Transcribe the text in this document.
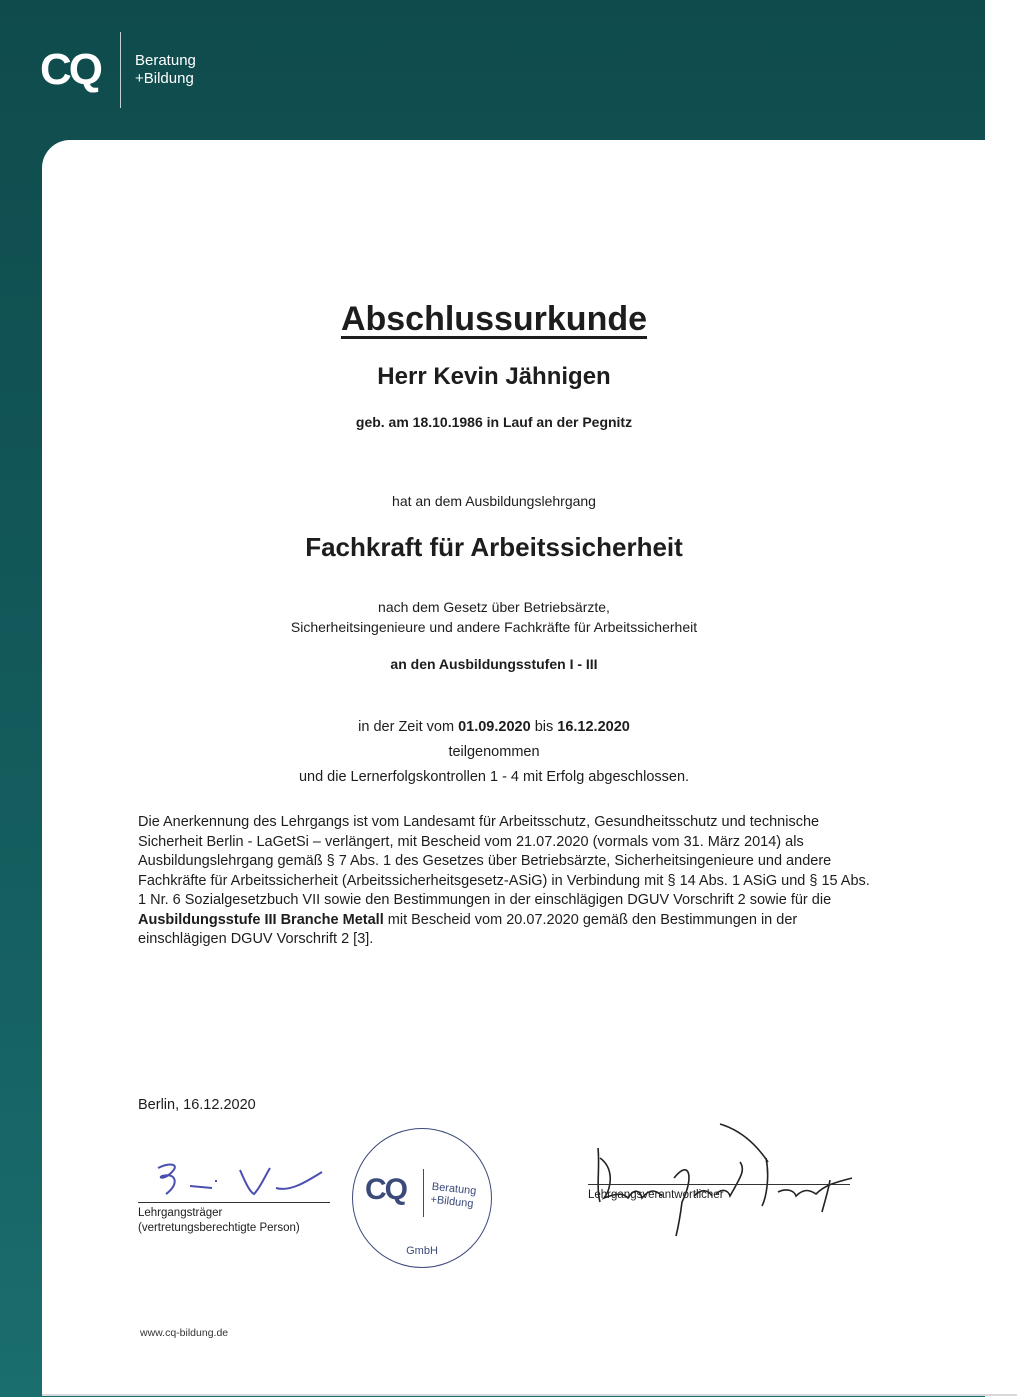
CQ Beratung
+Bildung
Abschlussurkunde
Herr Kevin Jähnigen
geb. am 18.10.1986 in Lauf an der Pegnitz
hat an dem Ausbildungslehrgang
Fachkraft für Arbeitssicherheit
nach dem Gesetz über Betriebsärzte,
Sicherheitsingenieure und andere Fachkräfte für Arbeitssicherheit
an den Ausbildungsstufen I - III
in der Zeit vom 01.09.2020 bis 16.12.2020
teilgenommen
und die Lernerfolgskontrollen 1 - 4 mit Erfolg abgeschlossen.
Die Anerkennung des Lehrgangs ist vom Landesamt für Arbeitsschutz, Gesundheitsschutz und technische Sicherheit Berlin - LaGetSi – verlängert, mit Bescheid vom 21.07.2020 (vormals vom 31. März 2014) als Ausbildungslehrgang gemäß § 7 Abs. 1 des Gesetzes über Betriebsärzte, Sicherheitsingenieure und andere Fachkräfte für Arbeitssicherheit (Arbeitssicherheitsgesetz-ASiG) in Verbindung mit § 14 Abs. 1 ASiG und § 15 Abs. 1 Nr. 6 Sozialgesetzbuch VII sowie den Bestimmungen in der einschlägigen DGUV Vorschrift 2 sowie für die Ausbildungsstufe III Branche Metall mit Bescheid vom 20.07.2020 gemäß den Bestimmungen in der einschlägigen DGUV Vorschrift 2 [3].
Berlin, 16.12.2020
Lehrgangsträger
(vertretungsberechtigte Person)
CQ Beratung
+Bildung
GmbH
Lehrgangsverantwortlicher
www.cq-bildung.de
